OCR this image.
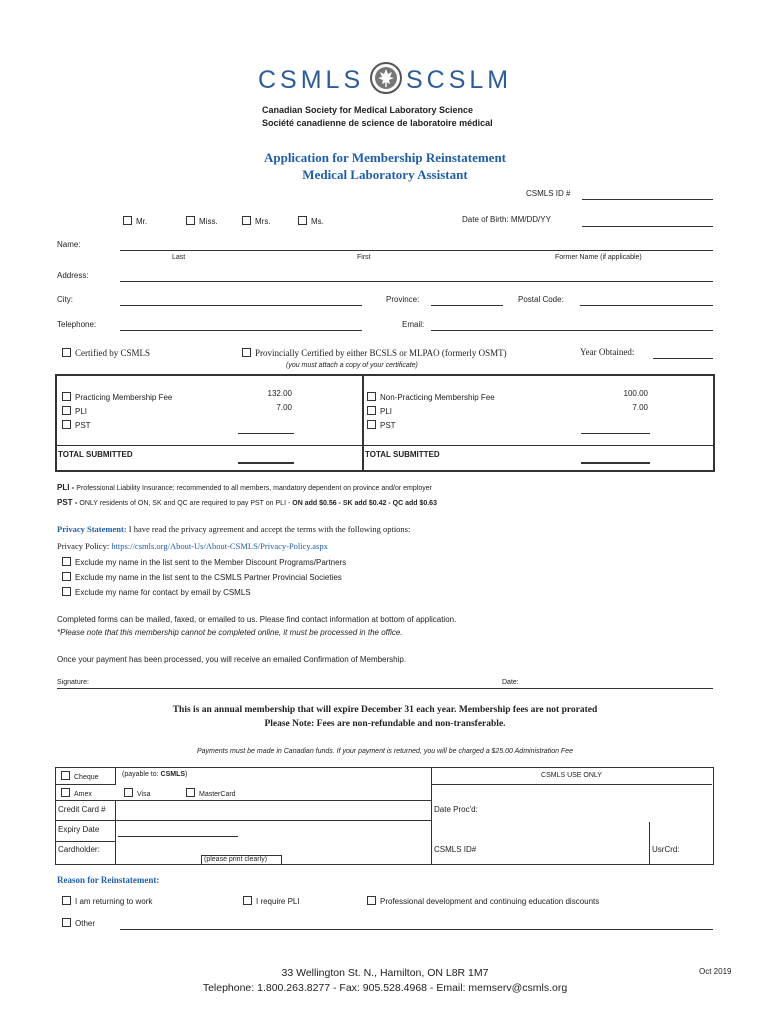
CSMLS SCSLM
Canadian Society for Medical Laboratory Science
Société canadienne de science de laboratoire médical
Application for Membership Reinstatement
Medical Laboratory Assistant
CSMLS ID #
Mr.	Miss.	Mrs.	Ms.	Date of Birth: MM/DD/YY
Name:
Last	First	Former Name (if applicable)
Address:
City:	Province:	Postal Code:
Telephone:	Email:
Certified by CSMLS	Provincially Certified by either BCSLS or MLPAO (formerly OSMT)	Year Obtained:
(you must attach a copy of your certificate)
Practicing Membership Fee	132.00
PLI	7.00
PST
TOTAL SUBMITTED
Non-Practicing Membership Fee	100.00
PLI	7.00
PST
TOTAL SUBMITTED
PLI - Professional Liability Insurance; recommended to all members, mandatory dependent on province and/or employer
PST - ONLY residents of ON, SK and QC are required to pay PST on PLI - ON add $0.56 - SK add $0.42 - QC add $0.63
Privacy Statement: I have read the privacy agreement and accept the terms with the following options:
Privacy Policy: https://csmls.org/About-Us/About-CSMLS/Privacy-Policy.aspx
Exclude my name in the list sent to the Member Discount Programs/Partners
Exclude my name in the list sent to the CSMLS Partner Provincial Societies
Exclude my name for contact by email by CSMLS
Completed forms can be mailed, faxed, or emailed to us. Please find contact information at bottom of application.
*Please note that this membership cannot be completed online, it must be processed in the office.
Once your payment has been processed, you will receive an emailed Confirmation of Membership.
Signature:	Date:
This is an annual membership that will expire December 31 each year. Membership fees are not prorated
Please Note: Fees are non-refundable and non-transferable.
Payments must be made in Canadian funds. If your payment is returned, you will be charged a $25.00 Administration Fee
Cheque	(payable to: CSMLS)
Amex	Visa	MasterCard
Credit Card #
Expiry Date
Cardholder:
(please print clearly)
CSMLS USE ONLY
Date Proc'd:
CSMLS ID#	UsrCrd:
Reason for Reinstatement:
I am returning to work	I require PLI	Professional development and continuing education discounts
Other
33 Wellington St. N., Hamilton, ON L8R 1M7
Telephone: 1.800.263.8277 - Fax: 905.528.4968 - Email: memserv@csmls.org
Oct 2019
